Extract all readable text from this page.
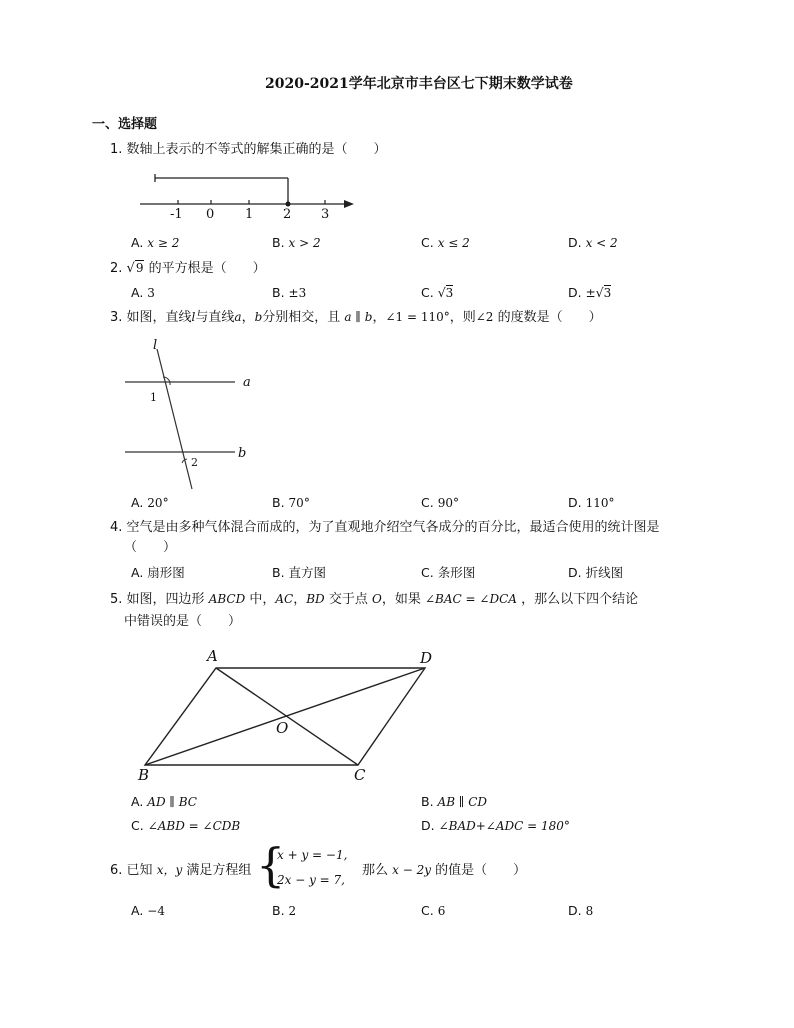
2020-2021学年北京市丰台区七下期末数学试卷
一、选择题
1. 数轴上表示的不等式的解集正确的是（　　）
-1 0 1 2 3
A. x ≥ 2	B. x > 2	C. x ≤ 2	D. x < 2
2. √9 的平方根是（　　）
A. 3	B. ±3	C. √3	D. ±√3
3. 如图，直线l与直线a，b分别相交，且 a ∥ b，∠1 = 110°，则∠2 的度数是（　　）
l
a
b
1
2
A. 20°	B. 70°	C. 90°	D. 110°
4. 空气是由多种气体混合而成的，为了直观地介绍空气各成分的百分比，最适合使用的统计图是
（　　）
A. 扇形图	B. 直方图	C. 条形图	D. 折线图
5. 如图，四边形 ABCD 中，AC，BD 交于点 O，如果 ∠BAC = ∠DCA ，那么以下四个结论
中错误的是（　　）
A	D
B	C
O
A. AD ∥ BC	B. AB ∥ CD
C. ∠ABD = ∠CDB	D. ∠BAD+∠ADC = 180°
6. 已知 x，y 满足方程组 {
x + y = −1,
2x − y = 7,
那么 x − 2y 的值是（　　）
A. −4	B. 2	C. 6	D. 8
